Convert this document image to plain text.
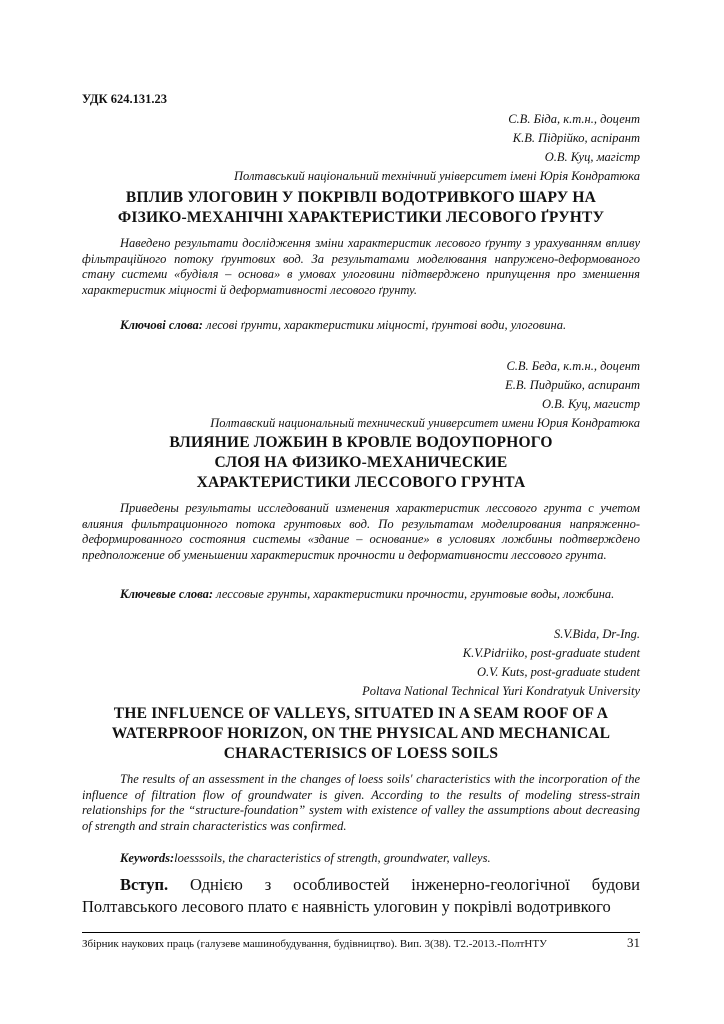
УДК 624.131.23
С.В. Біда, к.т.н., доцент
К.В. Підрійко, аспірант
О.В. Куц, магістр
Полтавський національний технічний університет імені Юрія Кондратюка
ВПЛИВ УЛОГОВИН У ПОКРІВЛІ ВОДОТРИВКОГО ШАРУ НА
ФІЗИКО-МЕХАНІЧНІ ХАРАКТЕРИСТИКИ ЛЕСОВОГО ҐРУНТУ
Наведено результати дослідження зміни характеристик лесового ґрунту з урахуванням впливу фільтраційного потоку ґрунтових вод. За результатами моделювання напружено-деформованого стану системи «будівля – основа» в умовах улоговини підтверджено припущення про зменшення характеристик міцності й деформативності лесового ґрунту.
Ключові слова: лесові ґрунти, характеристики міцності, ґрунтові води, улоговина.
С.В. Беда, к.т.н., доцент
Е.В. Пидрийко, аспирант
О.В. Куц, магистр
Полтавский национальный технический университет имени Юрия Кондратюка
ВЛИЯНИЕ ЛОЖБИН В КРОВЛЕ ВОДОУПОРНОГО
СЛОЯ НА ФИЗИКО-МЕХАНИЧЕСКИЕ
ХАРАКТЕРИСТИКИ ЛЕССОВОГО ГРУНТА
Приведены результаты исследований изменения характеристик лессового грунта с учетом влияния фильтрационного потока грунтовых вод. По результатам моделирования напряженно-деформированного состояния системы «здание – основание» в условиях ложбины подтверждено предположение об уменьшении характеристик прочности и деформативности лессового грунта.
Ключевые слова: лессовые грунты, характеристики прочности, грунтовые воды, ложбина.
S.V.Bida, Dr-Ing.
K.V.Pidriiko, post-graduate student
O.V. Kuts, post-graduate student
Poltava National Technical Yuri Kondratyuk University
THE INFLUENCE OF VALLEYS, SITUATED IN A SEAM ROOF OF A
WATERPROOF HORIZON, ON THE PHYSICAL AND MECHANICAL
CHARACTERISICS OF LOESS SOILS
The results of an assessment in the changes of loess soils' characteristics with the incorporation of the influence of filtration flow of groundwater is given. According to the results of modeling stress-strain relationships for the “structure-foundation” system with existence of valley the assumptions about decreasing of strength and strain characteristics was confirmed.
Keywords:loesssoils, the characteristics of strength, groundwater, valleys.
Вступ. Однією з особливостей інженерно-геологічної будови Полтавського лесового плато є наявність улоговин у покрівлі водотривкого
Збірник наукових праць (галузеве машинобудування, будівництво). Вип. 3(38). Т2.-2013.-ПолтНТУ	31
